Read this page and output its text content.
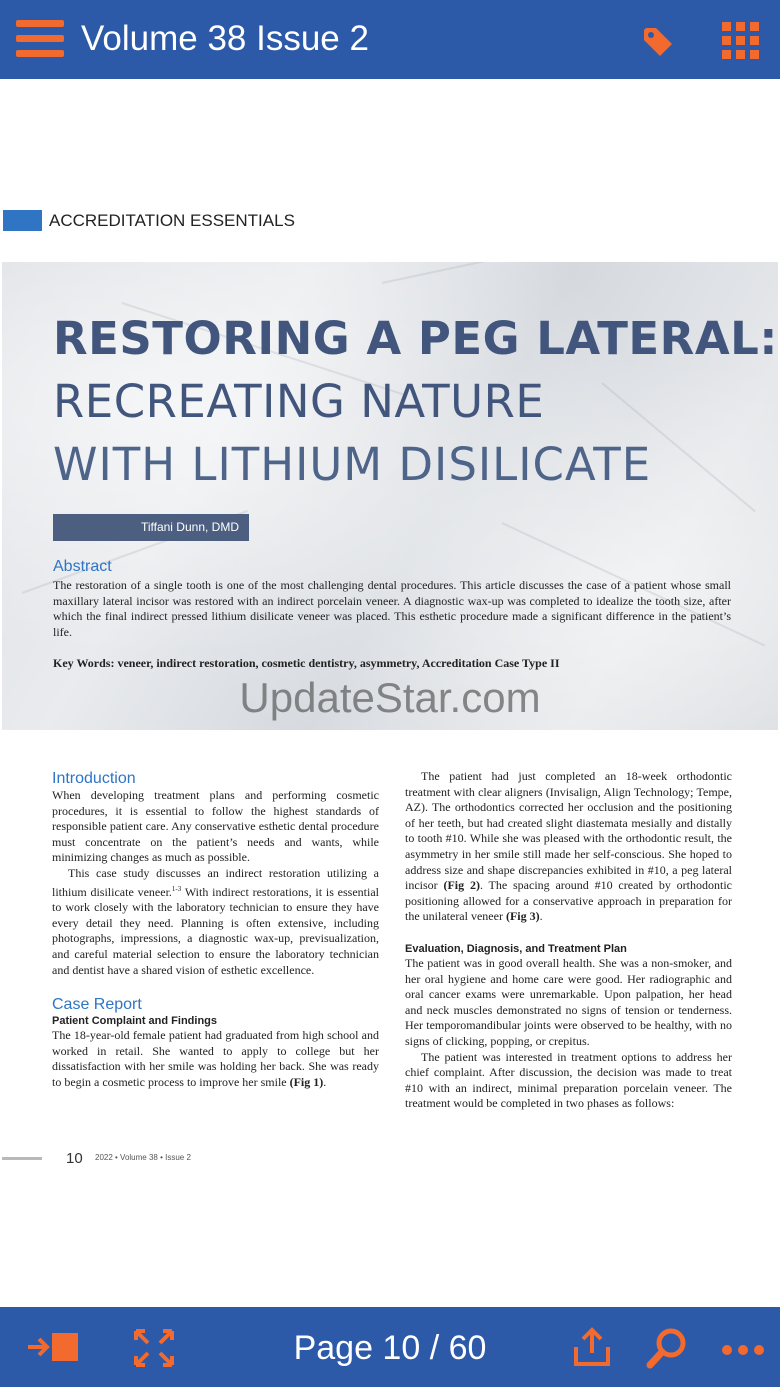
Volume 38 Issue 2
ACCREDITATION ESSENTIALS
RESTORING A PEG LATERAL:
RECREATING NATURE
WITH LITHIUM DISILICATE
Tiffani Dunn, DMD
Abstract
The restoration of a single tooth is one of the most challenging dental procedures. This article discusses the case of a patient whose small maxillary lateral incisor was restored with an indirect porcelain veneer. A diagnostic wax-up was completed to idealize the tooth size, after which the final indirect pressed lithium disilicate veneer was placed. This esthetic procedure made a significant difference in the patient’s life.
Key Words: veneer, indirect restoration, cosmetic dentistry, asymmetry, Accreditation Case Type II
UpdateStar.com
Introduction

When developing treatment plans and performing cosmetic procedures, it is essential to follow the highest standards of responsible patient care. Any conservative esthetic dental procedure must concentrate on the patient’s needs and wants, while minimizing changes as much as possible.

This case study discusses an indirect restoration utilizing a lithium disilicate veneer.$^{1-3}$ With indirect restorations, it is essential to work closely with the laboratory technician to ensure they have every detail they need. Planning is often extensive, including photographs, impressions, a diagnostic wax-up, previsualization, and careful material selection to ensure the laboratory technician and dentist have a shared vision of esthetic excellence.

Case Report
Patient Complaint and Findings

The 18-year-old female patient had graduated from high school and worked in retail. She wanted to apply to college but her dissatisfaction with her smile was holding her back. She was ready to begin a cosmetic process to improve her smile (Fig 1).

The patient had just completed an 18-week orthodontic treatment with clear aligners (Invisalign, Align Technology; Tempe, AZ). The orthodontics corrected her occlusion and the positioning of her teeth, but had created slight diastemata mesially and distally to tooth #10. While she was pleased with the orthodontic result, the asymmetry in her smile still made her self-conscious. She hoped to address size and shape discrepancies exhibited in #10, a peg lateral incisor (Fig 2). The spacing around #10 created by orthodontic positioning allowed for a conservative approach in preparation for the unilateral veneer (Fig 3).

Evaluation, Diagnosis, and Treatment Plan

The patient was in good overall health. She was a non-smoker, and her oral hygiene and home care were good. Her radiographic and oral cancer exams were unremarkable. Upon palpation, her head and neck muscles demonstrated no signs of tension or tenderness. Her temporomandibular joints were observed to be healthy, with no signs of clicking, popping, or crepitus.

The patient was interested in treatment options to address her chief complaint. After discussion, the decision was made to treat #10 with an indirect, minimal preparation porcelain veneer. The treatment would be completed in two phases as follows:

10 2022 • Volume 38 • Issue 2
Page 10 / 60
